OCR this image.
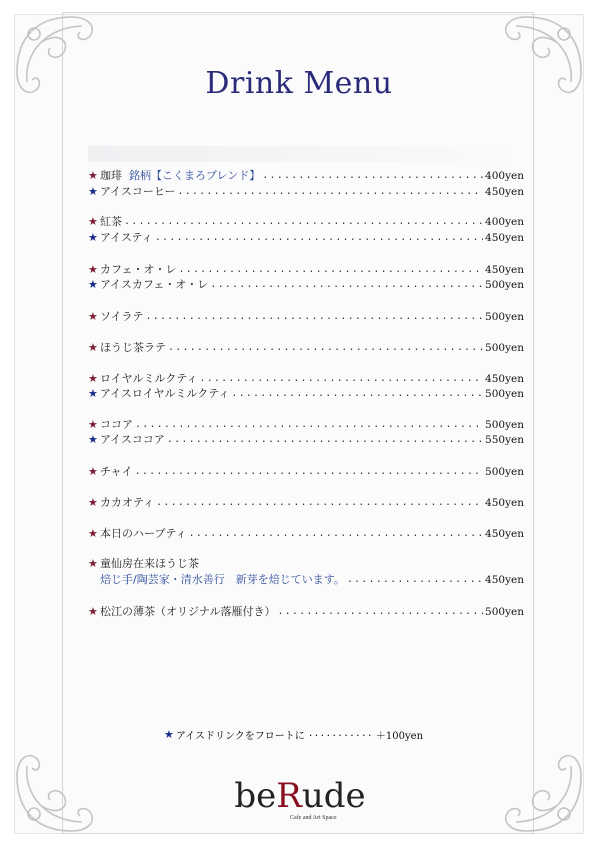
Drink Menu
★ 珈琲 銘柄【こくまろブレンド】 .....	400yen
★ アイスコーヒー .....	450yen
★ 紅茶 .....	400yen
★ アイスティ .....	450yen
★ カフェ・オ・レ .....	450yen
★ アイスカフェ・オ・レ .....	500yen
★ ソイラテ .....	500yen
★ ほうじ茶ラテ .....	500yen
★ ロイヤルミルクティ .....	450yen
★ アイスロイヤルミルクティ .....	500yen
★ ココア .....	500yen
★ アイスココア .....	550yen
★ チャイ .....	500yen
★ カカオティ .....	450yen
★ 本日のハーブティ .....	450yen
★ 童仙房在来ほうじ茶
焙じ手/陶芸家・清水善行　新芽を焙じています。 .....	450yen
★ 松江の薄茶（オリジナル落雁付き） .....	500yen
★ アイスドリンクをフロートに ........... ＋100yen
beRude
Cafe and Art Space
